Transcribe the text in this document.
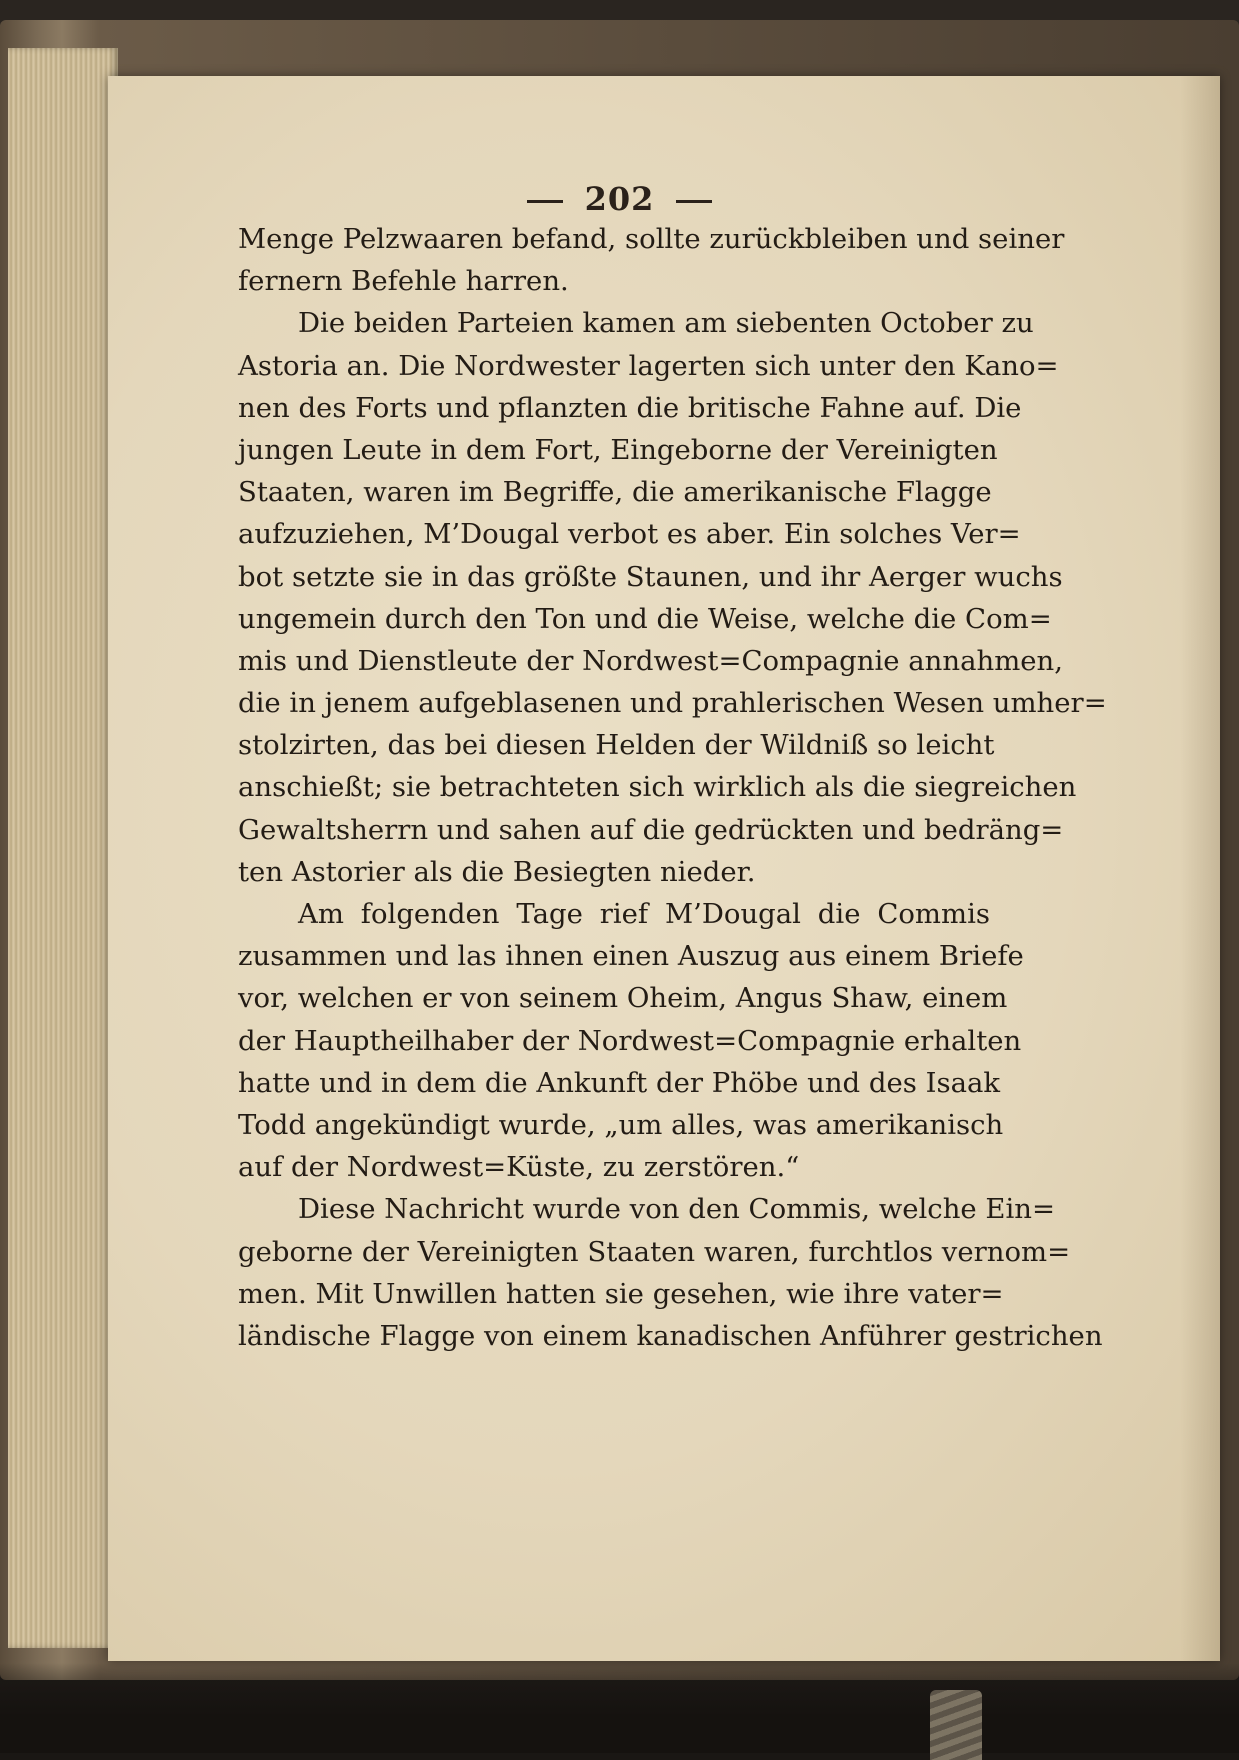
202
Menge Pelzwaaren befand, sollte zurückbleiben und seiner
fernern Befehle harren.
Die beiden Parteien kamen am siebenten October zu
Astoria an. Die Nordwester lagerten sich unter den Kano=
nen des Forts und pflanzten die britische Fahne auf. Die
jungen Leute in dem Fort, Eingeborne der Vereinigten
Staaten, waren im Begriffe, die amerikanische Flagge
aufzuziehen, M’Dougal verbot es aber. Ein solches Ver=
bot setzte sie in das größte Staunen, und ihr Aerger wuchs
ungemein durch den Ton und die Weise, welche die Com=
mis und Dienstleute der Nordwest=Compagnie annahmen,
die in jenem aufgeblasenen und prahlerischen Wesen umher=
stolzirten, das bei diesen Helden der Wildniß so leicht
anschießt; sie betrachteten sich wirklich als die siegreichen
Gewaltsherrn und sahen auf die gedrückten und bedräng=
ten Astorier als die Besiegten nieder.
Am folgenden Tage rief M’Dougal die Commis
zusammen und las ihnen einen Auszug aus einem Briefe
vor, welchen er von seinem Oheim, Angus Shaw, einem
der Hauptheilhaber der Nordwest=Compagnie erhalten
hatte und in dem die Ankunft der Phöbe und des Isaak
Todd angekündigt wurde, „um alles, was amerikanisch
auf der Nordwest=Küste, zu zerstören.“
Diese Nachricht wurde von den Commis, welche Ein=
geborne der Vereinigten Staaten waren, furchtlos vernom=
men. Mit Unwillen hatten sie gesehen, wie ihre vater=
ländische Flagge von einem kanadischen Anführer gestrichen
